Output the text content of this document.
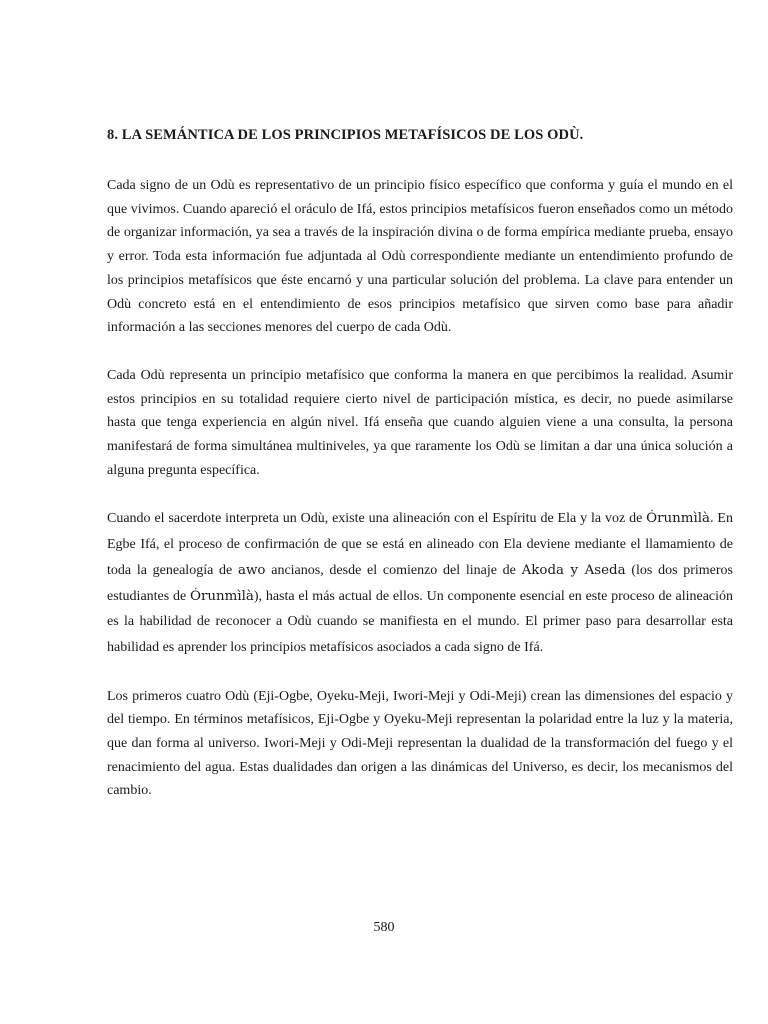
8. LA SEMÁNTICA DE LOS PRINCIPIOS METAFÍSICOS DE LOS ODÙ.

Cada signo de un Odù es representativo de un principio físico específico que conforma y guía el mundo en el que vivimos. Cuando apareció el oráculo de Ifá, estos principios metafísicos fueron enseñados como un método de organizar información, ya sea a través de la inspiración divina o de forma empírica mediante prueba, ensayo y error. Toda esta información fue adjuntada al Odù correspondiente mediante un entendimiento profundo de los principios metafísicos que éste encarnó y una particular solución del problema. La clave para entender un Odù concreto está en el entendimiento de esos principios metafísico que sirven como base para añadir información a las secciones menores del cuerpo de cada Odù.

Cada Odù representa un principio metafísico que conforma la manera en que percibimos la realidad. Asumir estos principios en su totalidad requiere cierto nivel de participación mística, es decir, no puede asimilarse hasta que tenga experiencia en algún nivel. Ifá enseña que cuando alguien viene a una consulta, la persona manifestará de forma simultánea multiniveles, ya que raramente los Odù se limitan a dar una única solución a alguna pregunta específica.

Cuando el sacerdote interpreta un Odù, existe una alineación con el Espíritu de Ela y la voz de Órunmìlà. En Egbe Ifá, el proceso de confirmación de que se está en alineado con Ela deviene mediante el llamamiento de toda la genealogía de awo ancianos, desde el comienzo del linaje de Akoda y Aseda (los dos primeros estudiantes de Órunmìlà), hasta el más actual de ellos. Un componente esencial en este proceso de alineación es la habilidad de reconocer a Odù cuando se manifiesta en el mundo. El primer paso para desarrollar esta habilidad es aprender los principios metafísicos asociados a cada signo de Ifá.

Los primeros cuatro Odù (Eji-Ogbe, Oyeku-Meji, Iwori-Meji y Odi-Meji) crean las dimensiones del espacio y del tiempo. En términos metafísicos, Eji-Ogbe y Oyeku-Meji representan la polaridad entre la luz y la materia, que dan forma al universo. Iwori-Meji y Odi-Meji representan la dualidad de la transformación del fuego y el renacimiento del agua. Estas dualidades dan origen a las dinámicas del Universo, es decir, los mecanismos del cambio.

580
